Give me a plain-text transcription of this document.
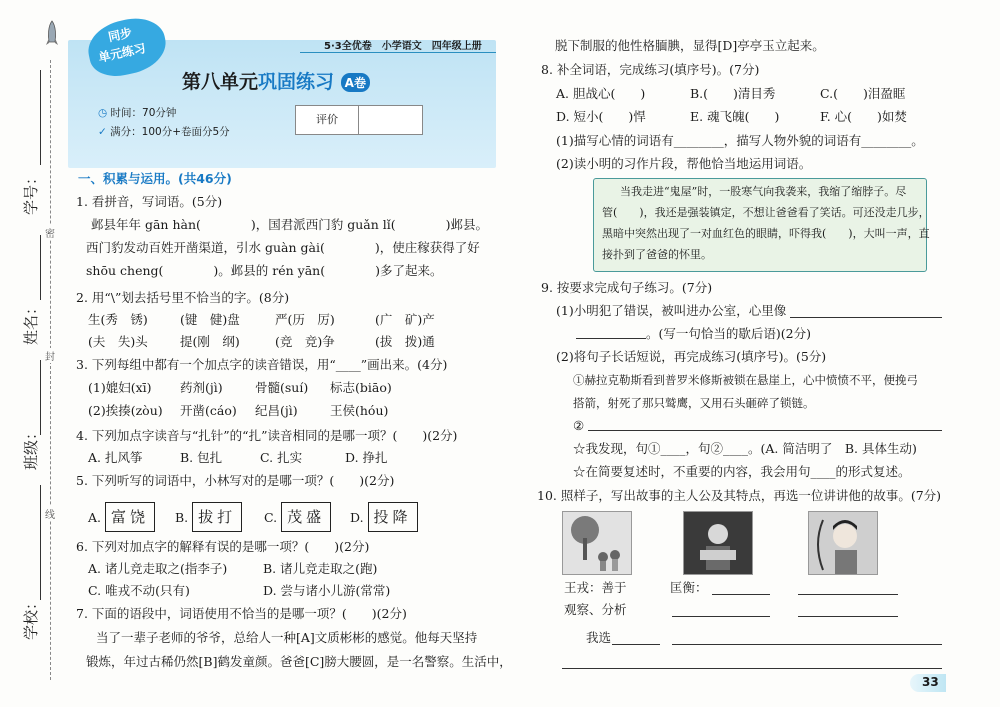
密
封
线
学号：
姓名：
班级：
学校：
同步
单元练习	5·3全优卷　小学语文　四年级上册
第八单元巩固练习 A卷
◷ 时间：70分钟
✓ 满分：100分+卷面分5分
评价
一、积累与运用。(共46分)
1. 看拼音，写词语。(5分)
邺县年年 gān hàn(　　　　)，国君派西门豹 guǎn lǐ(　　　　)邺县。
西门豹发动百姓开凿渠道，引水 guàn gài(　　　　)，使庄稼获得了好
shōu cheng(　　　　)。邺县的 rén yān(　　　　)多了起来。
2. 用“\”划去括号里不恰当的字。(8分)
生(秀　锈)	(键　健)盘	严(历　厉)	(广　矿)产
(夫　失)头	提(刚　纲)	(竞　竞)争	(拔　拨)通
3. 下列每组中都有一个加点字的读音错误，用“____”画出来。(4分)
(1)媲妇(xī) 药剂(jì)	骨髓(suí) 标志(biāo)
(2)挨揍(zòu) 开凿(cáo) 纪昌(jì)	王侯(hóu)
4. 下列加点字读音与“扎针”的“扎”读音相同的是哪一项？(　　)(2分)
A. 扎风筝	B. 包扎	C. 扎实	D. 挣扎
5. 下列听写的词语中，小林写对的是哪一项？(　　)(2分)
A. 富饶	B. 拔打	C. 茂盛	D. 投降
6. 下列对加点字的解释有误的是哪一项？(　　)(2分)
A. 诸儿竞走取之(指李子)	B. 诸儿竞走取之(跑)
C. 唯戎不动(只有)	D. 尝与诸小儿游(常常)
7. 下面的语段中，词语使用不恰当的是哪一项？(　　)(2分)
当了一辈子老师的爷爷，总给人一种[A]文质彬彬的感觉。他每天坚持
锻炼，年过古稀仍然[B]鹤发童颜。爸爸[C]膀大腰圆，是一名警察。生活中，
脱下制服的他性格腼腆，显得[D]亭亭玉立起来。
8. 补全词语，完成练习(填序号)。(7分)
A. 胆战心(　　)	B.(　　)清目秀	C.(　　)泪盈眶
D. 短小(　　)悍	E. 魂飞魄(　　)	F. 心(　　)如焚
(1)描写心情的词语有________，描写人物外貌的词语有________。
(2)读小明的习作片段，帮他恰当地运用词语。
当我走进“鬼屋”时，一股寒气向我袭来，我缩了缩脖子。尽
管(　　)，我还是强装镇定，不想让爸爸看了笑话。可还没走几步，
黑暗中突然出现了一对血红色的眼睛，吓得我(　　)，大叫一声，直
接扑到了爸爸的怀里。
9. 按要求完成句子练习。(7分)
(1)小明犯了错误，被叫进办公室，心里像
。(写一句恰当的歇后语)(2分)
(2)将句子长话短说，再完成练习(填序号)。(5分)
①赫拉克勒斯看到普罗米修斯被锁在悬崖上，心中愤愤不平，便挽弓
搭箭，射死了那只鹫鹰，又用石头砸碎了锁链。
②
☆我发现，句①____，句②____。(A. 简洁明了　B. 具体生动)
☆在简要复述时，不重要的内容，我会用句____的形式复述。
10. 照样子，写出故事的主人公及其特点，再选一位讲讲他的故事。(7分)
王戎：善于
观察、分析
匡衡：
我选
33
